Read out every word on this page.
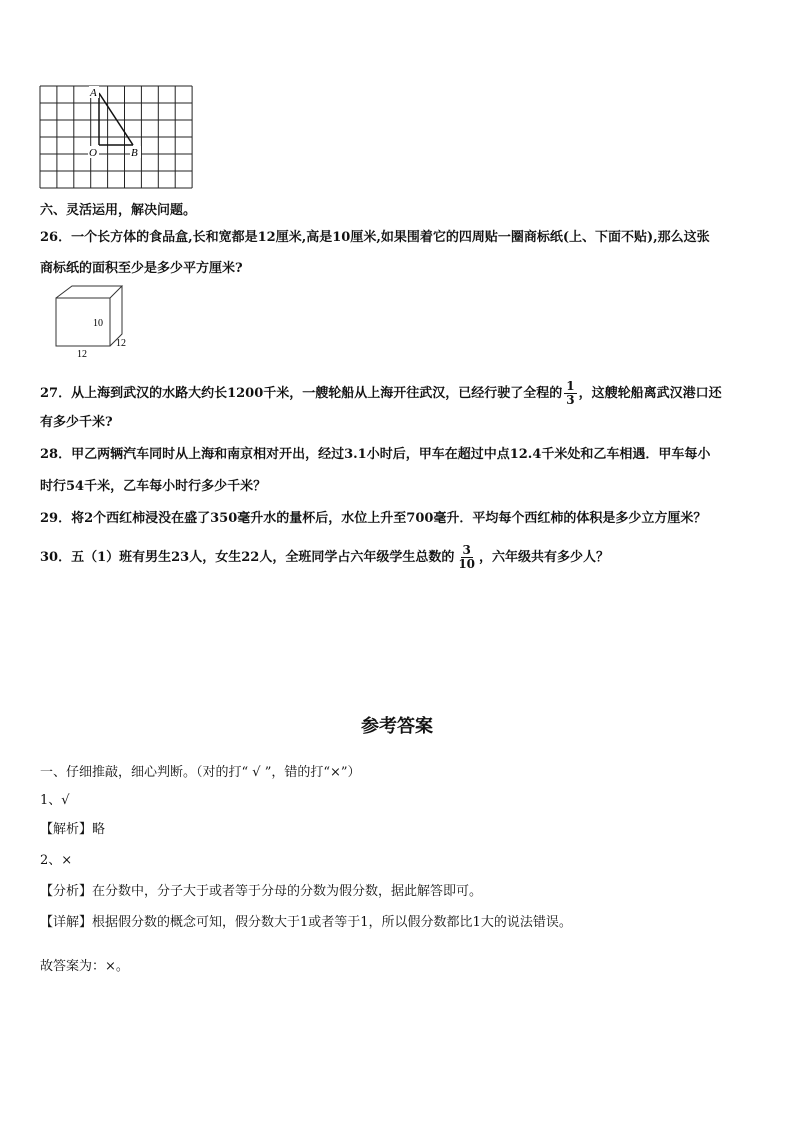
A
O	B
六、灵活运用，解决问题。
26．一个长方体的食品盒,长和宽都是12厘米,高是10厘米,如果围着它的四周贴一圈商标纸(上、下面不贴),那么这张
商标纸的面积至少是多少平方厘米?
10
12
12
27．从上海到武汉的水路大约长1200千米，一艘轮船从上海开往武汉，已经行驶了全程的 $\frac{1}{3}$ ，这艘轮船离武汉港口还
有多少千米?
28．甲乙两辆汽车同时从上海和南京相对开出，经过3.1小时后，甲车在超过中点12.4千米处和乙车相遇．甲车每小
时行54千米，乙车每小时行多少千米？
29．将2个西红柿浸没在盛了350毫升水的量杯后，水位上升至700毫升．平均每个西红柿的体积是多少立方厘米？
30．五（1）班有男生23人，女生22人，全班同学占六年级学生总数的 $\frac{3}{10}$ ，六年级共有多少人？
参考答案
一、仔细推敲，细心判断。（对的打“ √ ”，错的打“×”）
1、√
【解析】略
2、×
【分析】在分数中，分子大于或者等于分母的分数为假分数，据此解答即可。
【详解】根据假分数的概念可知，假分数大于1或者等于1，所以假分数都比1大的说法错误。
故答案为：×。
